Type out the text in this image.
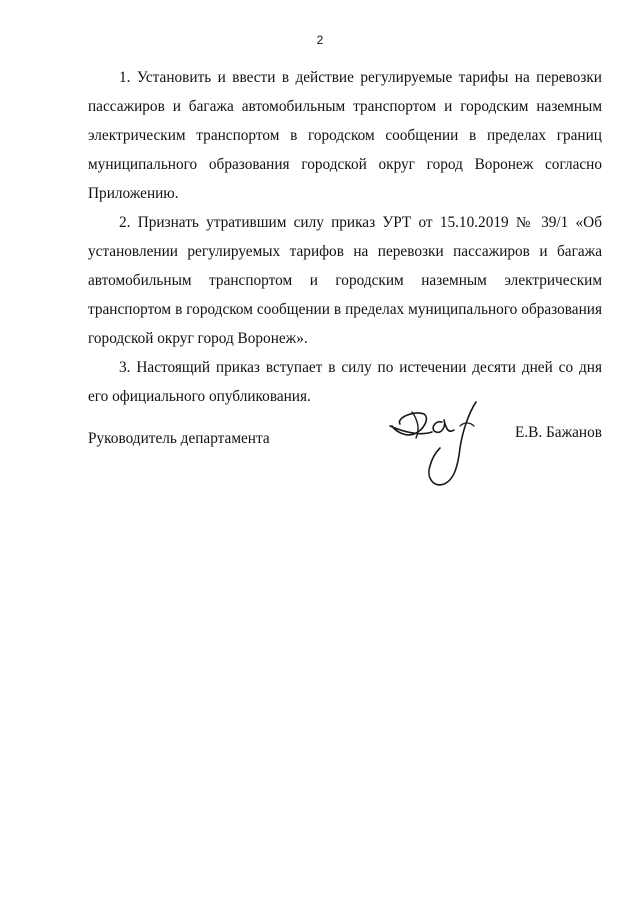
2

1. Установить и ввести в действие регулируемые тарифы на перевозки пассажиров и багажа автомобильным транспортом и городским наземным электрическим транспортом в городском сообщении в пределах границ муниципального образования городской округ город Воронеж согласно Приложению.

2. Признать утратившим силу приказ УРТ от 15.10.2019 № 39/1 «Об установлении регулируемых тарифов на перевозки пассажиров и багажа автомобильным транспортом и городским наземным электрическим транспортом в городском сообщении в пределах муниципального образования городской округ город Воронеж».

3. Настоящий приказ вступает в силу по истечении десяти дней со дня его официального опубликования.

Руководитель департамента	Е.В. Бажанов
